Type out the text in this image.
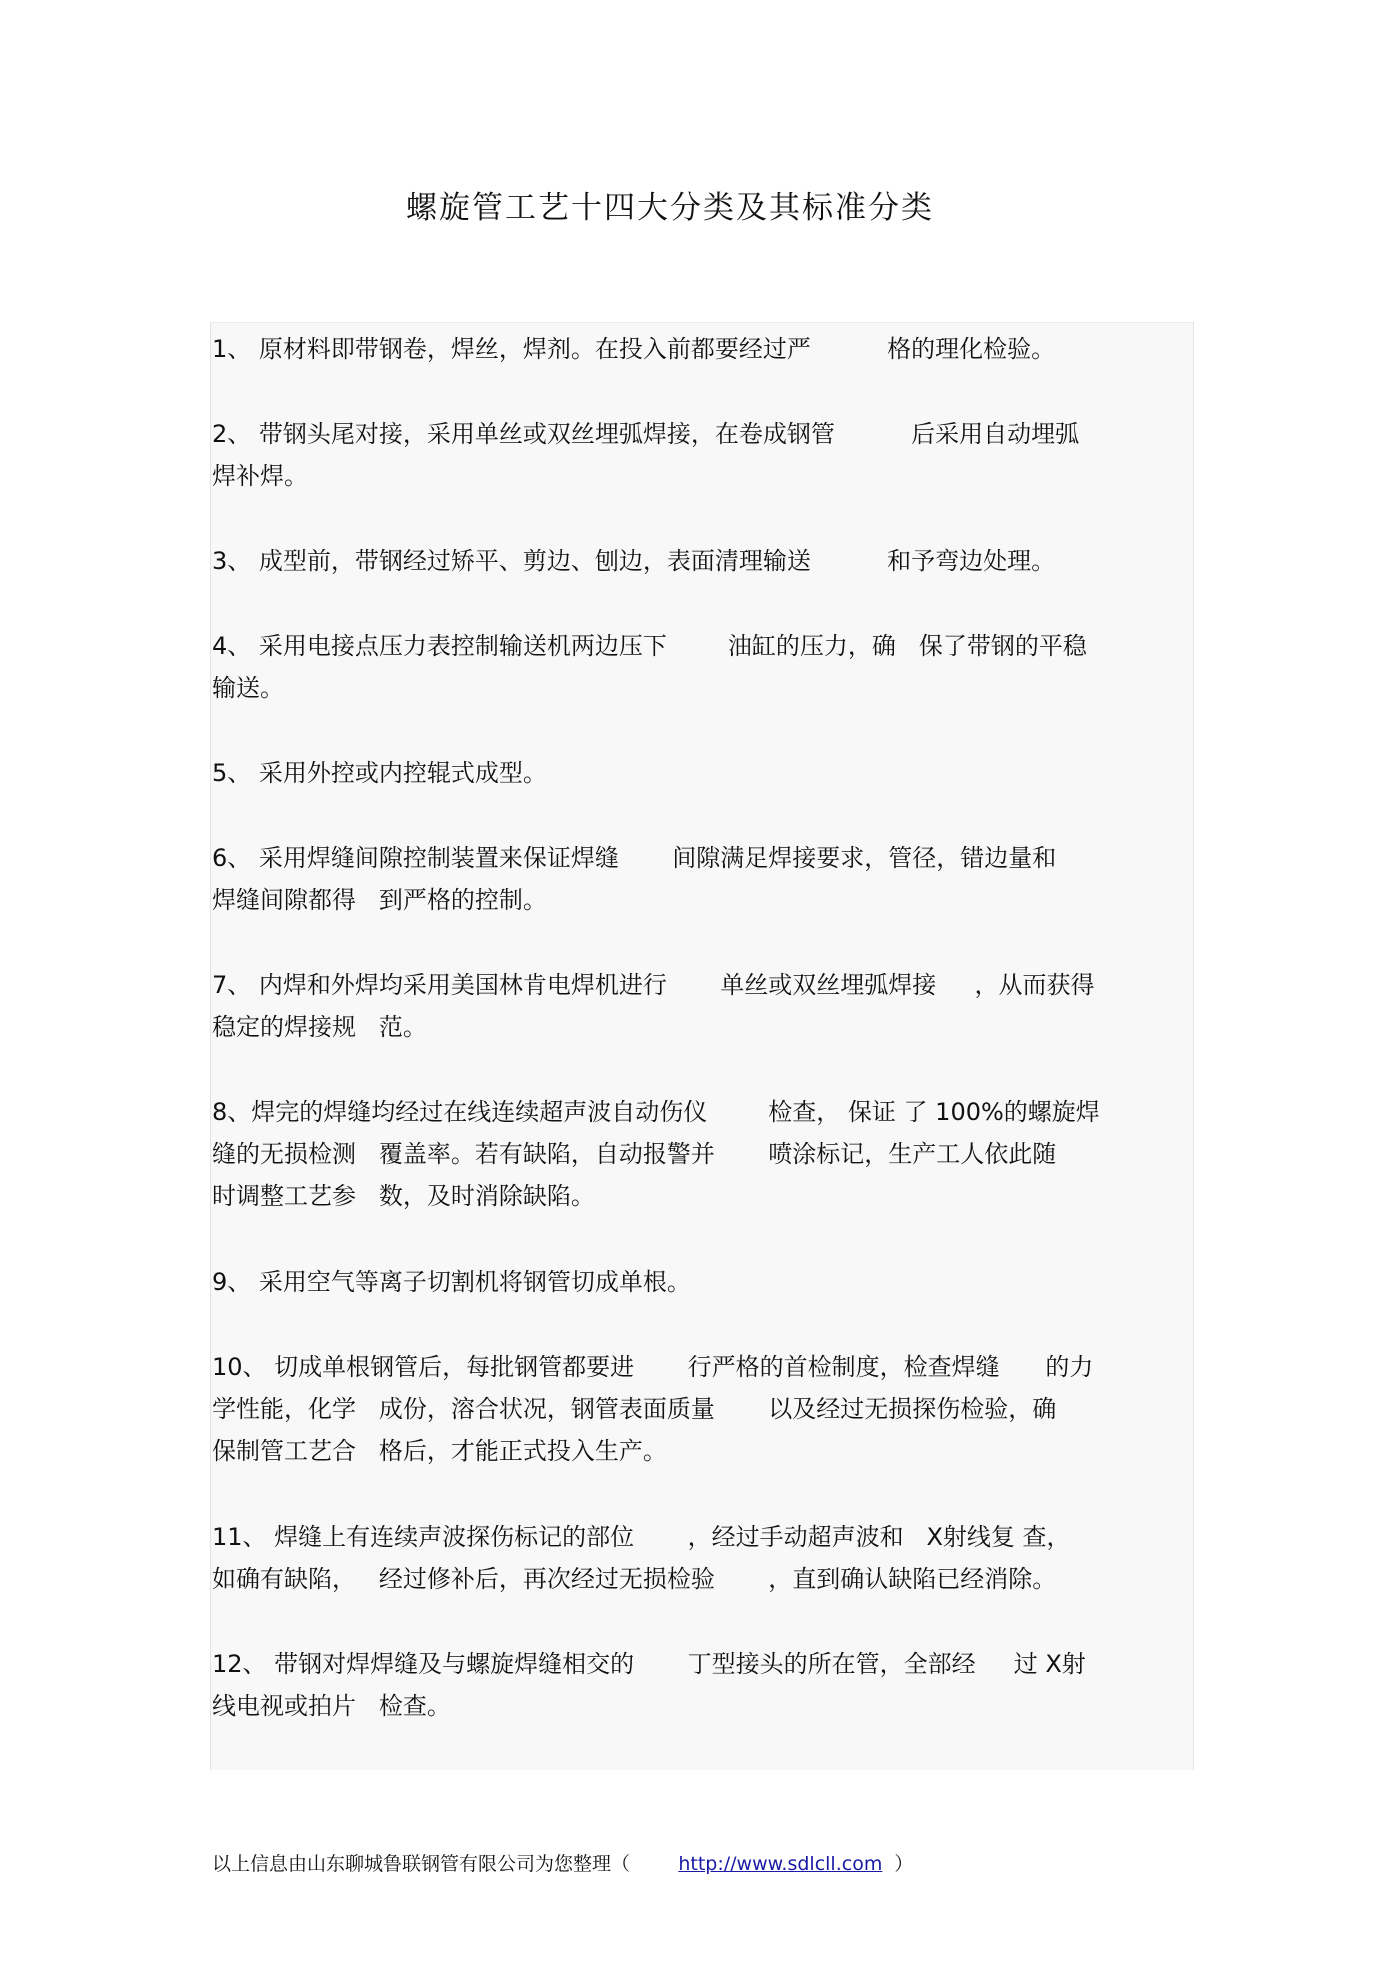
螺旋管工艺十四大分类及其标准分类
1、 原材料即带钢卷，焊丝，焊剂。在投入前都要经过严          格的理化检验。
2、 带钢头尾对接，采用单丝或双丝埋弧焊接，在卷成钢管          后采用自动埋弧
焊补焊。
3、 成型前，带钢经过矫平、剪边、刨边，表面清理输送          和予弯边处理。
4、 采用电接点压力表控制输送机两边压下        油缸的压力，确   保了带钢的平稳
输送。
5、 采用外控或内控辊式成型。
6、 采用焊缝间隙控制装置来保证焊缝       间隙满足焊接要求，管径，错边量和
焊缝间隙都得   到严格的控制。
7、 内焊和外焊均采用美国林肯电焊机进行       单丝或双丝埋弧焊接     ，从而获得
稳定的焊接规   范。
8、焊完的焊缝均经过在线连续超声波自动伤仪        检查， 保证 了 100%的螺旋焊
缝的无损检测   覆盖率。若有缺陷，自动报警并       喷涂标记，生产工人依此随
时调整工艺参   数，及时消除缺陷。
9、 采用空气等离子切割机将钢管切成单根。
10、 切成单根钢管后，每批钢管都要进       行严格的首检制度，检查焊缝      的力
学性能，化学   成份，溶合状况，钢管表面质量       以及经过无损探伤检验，确
保制管工艺合   格后，才能正式投入生产。
11、 焊缝上有连续声波探伤标记的部位       ，经过手动超声波和   X射线复 查，
如确有缺陷，   经过修补后，再次经过无损检验       ，直到确认缺陷已经消除。
12、 带钢对焊焊缝及与螺旋焊缝相交的       丁型接头的所在管，全部经     过 X射
线电视或拍片   检查。
以上信息由山东聊城鲁联钢管有限公司为您整理（	http://www.sdlcll.com ）
